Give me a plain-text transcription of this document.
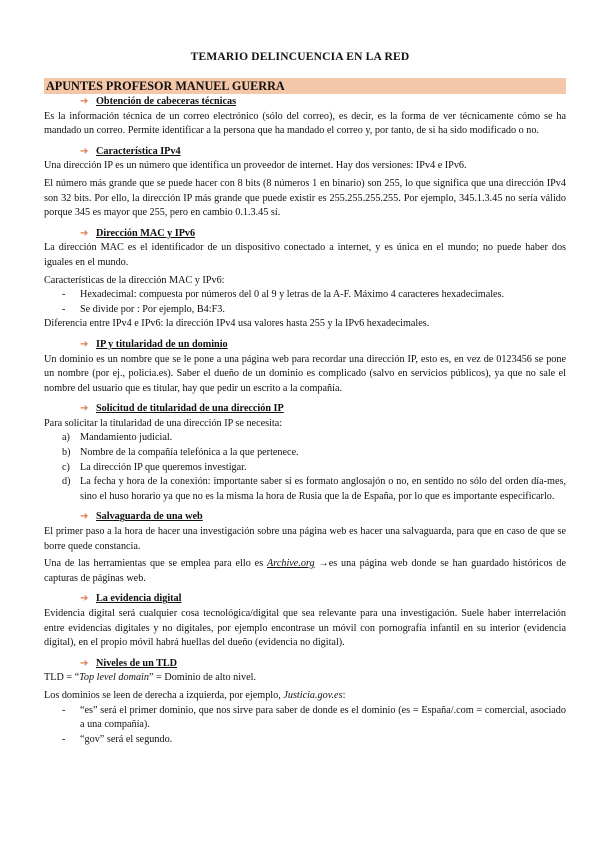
TEMARIO DELINCUENCIA EN LA RED
APUNTES PROFESOR MANUEL GUERRA
➔ Obtención de cabeceras técnicas

Es la información técnica de un correo electrónico (sólo del correo), es decir, es la forma de ver técnicamente cómo se ha mandado un correo. Permite identificar a la persona que ha mandado el correo y, por tanto, de si ha sido modificado o no.

➔ Característica IPv4

Una dirección IP es un número que identifica un proveedor de internet. Hay dos versiones: IPv4 e IPv6.

El número más grande que se puede hacer con 8 bits (8 números 1 en binario) son 255, lo que significa que una dirección IPv4 son 32 bits. Por ello, la dirección IP más grande que puede existir es 255.255.255.255. Por ejemplo, 345.1.3.45 no sería válido porque 345 es mayor que 255, pero en cambio 0.1.3.45 sí.

➔ Dirección MAC y IPv6

La dirección MAC es el identificador de un dispositivo conectado a internet, y es única en el mundo; no puede haber dos iguales en el mundo.

Características de la dirección MAC y IPv6:

- Hexadecimal: compuesta por números del 0 al 9 y letras de la A-F. Máximo 4 caracteres hexadecimales.
- Se divide por : Por ejemplo, B4:F3.

Diferencia entre IPv4 e IPv6: la dirección IPv4 usa valores hasta 255 y la IPv6 hexadecimales.

➔ IP y titularidad de un dominio

Un dominio es un nombre que se le pone a una página web para recordar una dirección IP, esto es, en vez de 0123456 se pone un nombre (por ej., policia.es). Saber el dueño de un dominio es complicado (salvo en servicios públicos), ya que no sale el nombre del usuario que es titular, hay que pedir un escrito a la compañía.

➔ Solicitud de titularidad de una dirección IP

Para solicitar la titularidad de una dirección IP se necesita:

a) Mandamiento judicial.
b) Nombre de la compañía telefónica a la que pertenece.
c) La dirección IP que queremos investigar.
d) La fecha y hora de la conexión: importante saber si es formato anglosajón o no, en sentido no sólo del orden día-mes, sino el huso horario ya que no es la misma la hora de Rusia que la de España, por lo que es importante especificarlo.
➔ Salvaguarda de una web

El primer paso a la hora de hacer una investigación sobre una página web es hacer una salvaguarda, para que en caso de que se borre quede constancia.

Una de las herramientas que se emplea para ello es Archive.org →es una página web donde se han guardado históricos de capturas de páginas web.

➔ La evidencia digital

Evidencia digital será cualquier cosa tecnológica/digital que sea relevante para una investigación. Suele haber interrelación entre evidencias digitales y no digitales, por ejemplo encontrase un móvil con pornografía infantil en su interior (evidencia digital), en el propio móvil habrá huellas del dueño (evidencia no digital).

➔ Niveles de un TLD

TLD = “Top level domain” = Dominio de alto nivel.

Los dominios se leen de derecha a izquierda, por ejemplo, Justicia.gov.es:

- “es” será el primer dominio, que nos sirve para saber de donde es el dominio (es = España/.com = comercial, asociado a una compañía).
- “gov” será el segundo.
